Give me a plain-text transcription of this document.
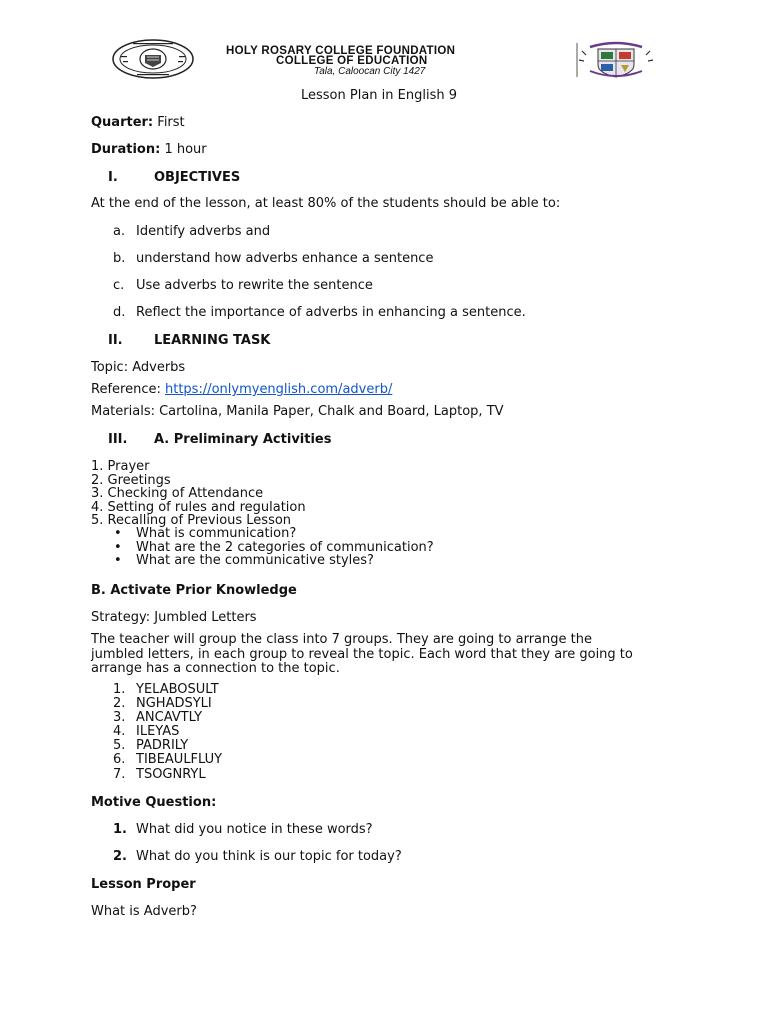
HOLY ROSARY COLLEGE FOUNDATION
COLLEGE OF EDUCATION
Tala, Caloocan City 1427
Lesson Plan in English 9
Quarter: First
Duration: 1 hour
I.	OBJECTIVES
At the end of the lesson, at least 80% of the students should be able to:
a. Identify adverbs and
b. understand how adverbs enhance a sentence
c. Use adverbs to rewrite the sentence
d. Reflect the importance of adverbs in enhancing a sentence.
II. LEARNING TASK
Topic: Adverbs
Reference: https://onlymyenglish.com/adverb/
Materials: Cartolina, Manila Paper, Chalk and Board, Laptop, TV
III. A. Preliminary Activities
1. Prayer
2. Greetings
3. Checking of Attendance
4. Setting of rules and regulation
5. Recalling of Previous Lesson
• What is communication?
• What are the 2 categories of communication?
• What are the communicative styles?
B. Activate Prior Knowledge
Strategy: Jumbled Letters
The teacher will group the class into 7 groups. They are going to arrange the
jumbled letters, in each group to reveal the topic. Each word that they are going to
arrange has a connection to the topic.
1. YELABOSULT
2. NGHADSYLI
3. ANCAVTLY
4. ILEYAS
5. PADRILY
6. TIBEAULFLUY
7. TSOGNRYL
Motive Question:
1. What did you notice in these words?
2. What do you think is our topic for today?
Lesson Proper
What is Adverb?
